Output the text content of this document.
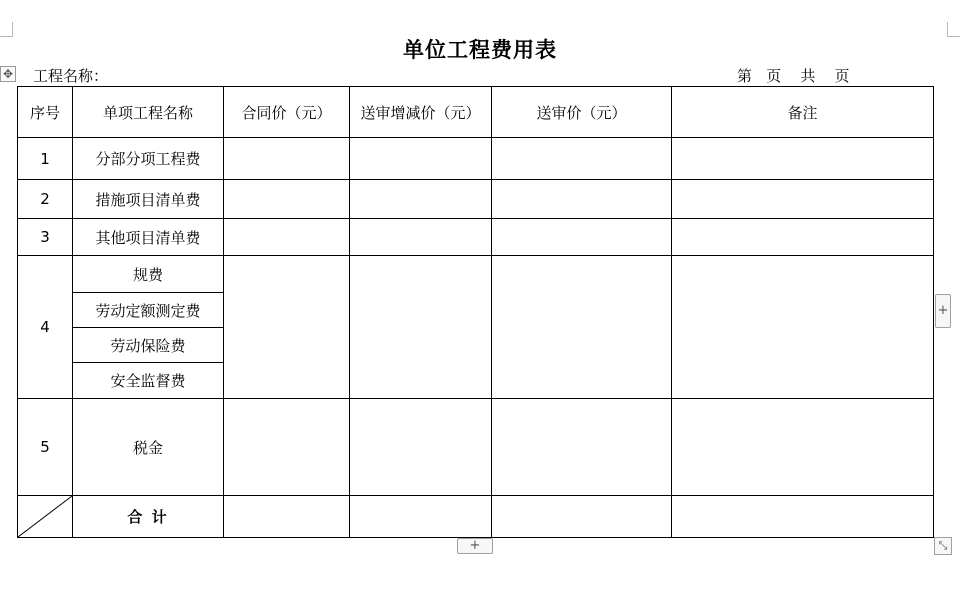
单位工程费用表
✥ 工程名称：	第   页    共    页
序号	单项工程名称	合同价（元）	送审增减价（元）	送审价（元）	备注
1	分部分项工程费				
2	措施项目清单费				
3	其他项目清单费				
4	规费				
	劳动定额测定费				
	劳动保险费				
	安全监督费				
5	税金				

	合 计				
+
+	⤡
